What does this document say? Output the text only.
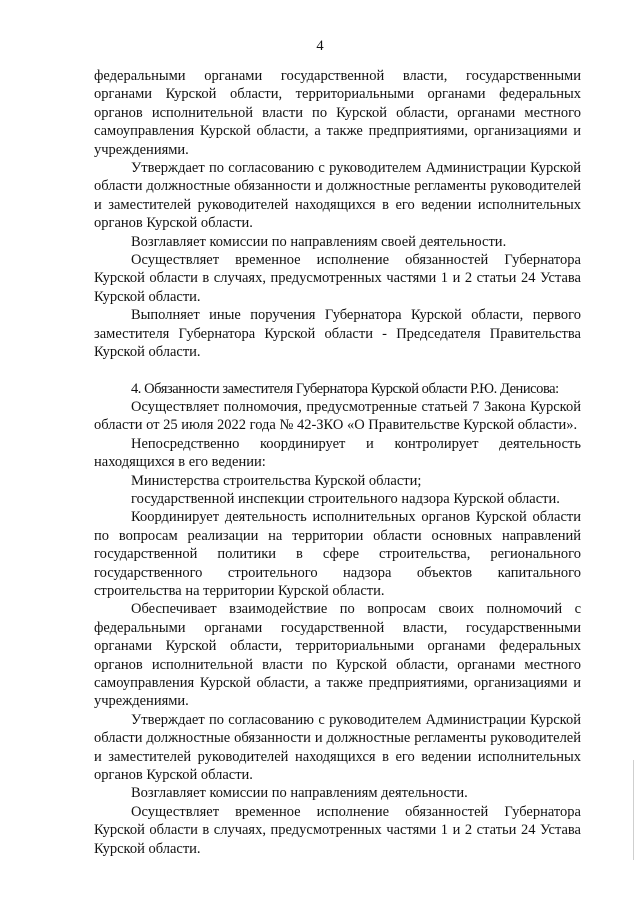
4

федеральными органами государственной власти, государственными органами Курской области, территориальными органами федеральных органов исполнительной власти по Курской области, органами местного самоуправления Курской области, а также предприятиями, организациями и учреждениями.

Утверждает по согласованию с руководителем Администрации Курской области должностные обязанности и должностные регламенты руководителей и заместителей руководителей находящихся в его ведении исполнительных органов Курской области.

Возглавляет комиссии по направлениям своей деятельности.

Осуществляет временное исполнение обязанностей Губернатора Курской области в случаях, предусмотренных частями 1 и 2 статьи 24 Устава Курской области.

Выполняет иные поручения Губернатора Курской области, первого заместителя Губернатора Курской области - Председателя Правительства Курской области.

4. Обязанности заместителя Губернатора Курской области Р.Ю. Денисова:

Осуществляет полномочия, предусмотренные статьей 7 Закона Курской области от 25 июля 2022 года № 42-ЗКО «О Правительстве Курской области».

Непосредственно координирует и контролирует деятельность находящихся в его ведении:

Министерства строительства Курской области;

государственной инспекции строительного надзора Курской области.

Координирует деятельность исполнительных органов Курской области по вопросам реализации на территории области основных направлений государственной политики в сфере строительства, регионального государственного строительного надзора объектов капитального строительства на территории Курской области.

Обеспечивает взаимодействие по вопросам своих полномочий с федеральными органами государственной власти, государственными органами Курской области, территориальными органами федеральных органов исполнительной власти по Курской области, органами местного самоуправления Курской области, а также предприятиями, организациями и учреждениями.

Утверждает по согласованию с руководителем Администрации Курской области должностные обязанности и должностные регламенты руководителей и заместителей руководителей находящихся в его ведении исполнительных органов Курской области.

Возглавляет комиссии по направлениям деятельности.

Осуществляет временное исполнение обязанностей Губернатора Курской области в случаях, предусмотренных частями 1 и 2 статьи 24 Устава Курской области.
